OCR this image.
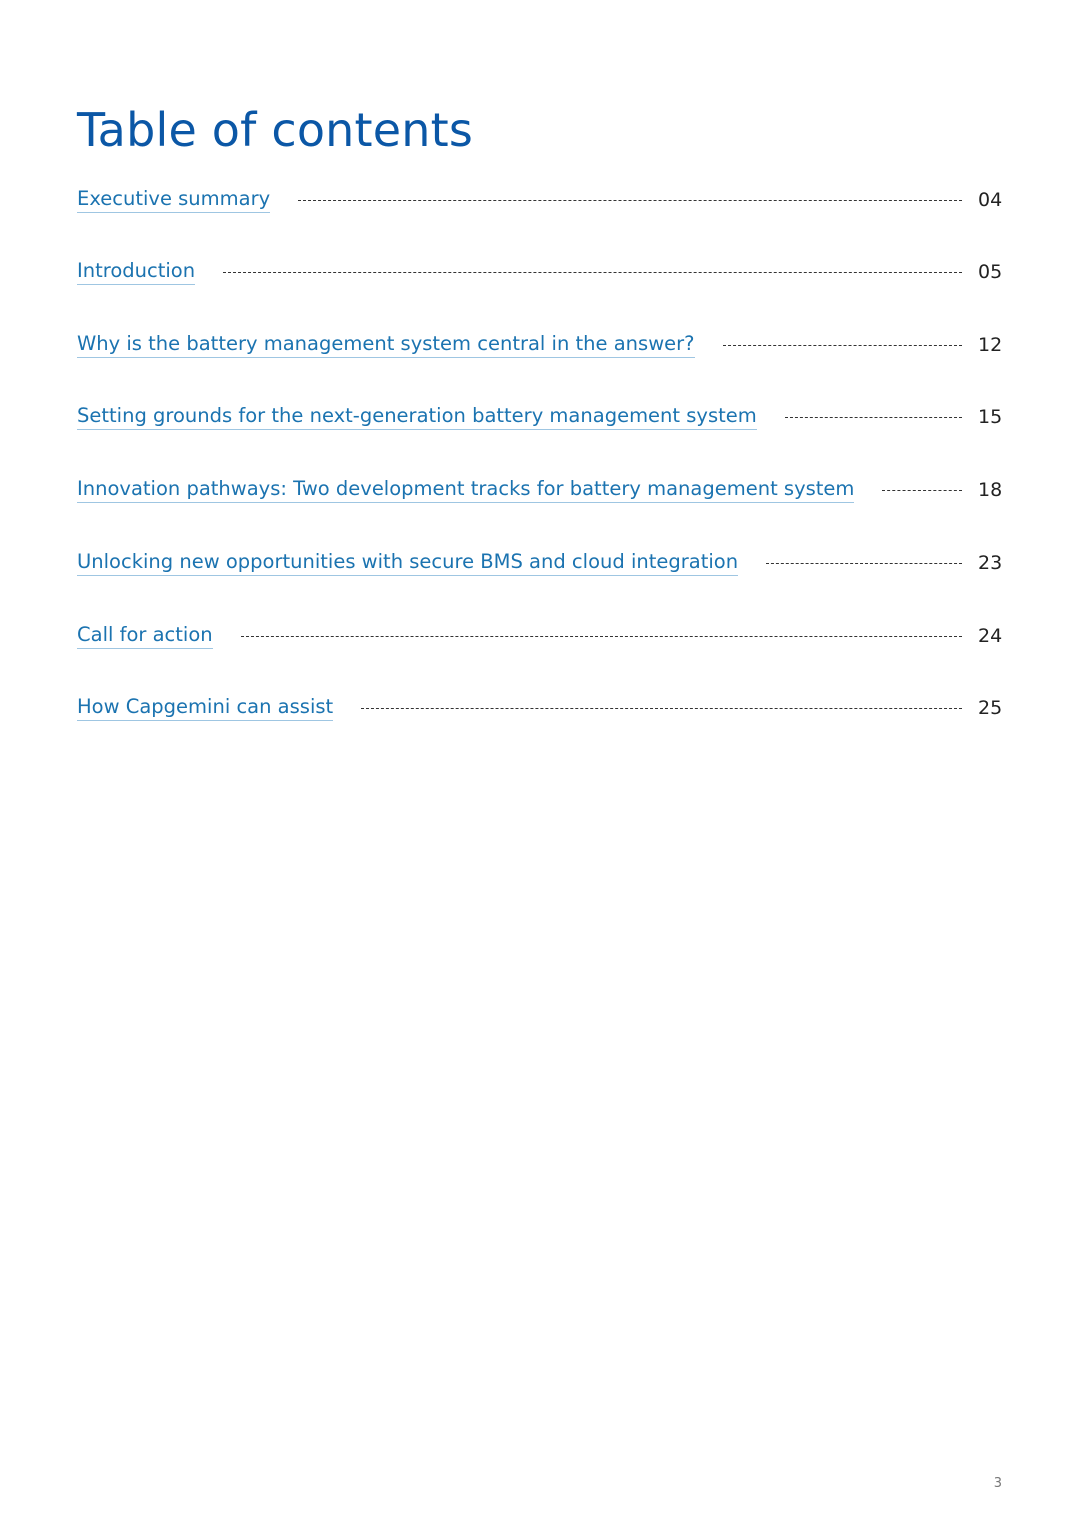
Table of contents
Executive summary	04
Introduction	05
Why is the battery management system central in the answer?	12
Setting grounds for the next-generation battery management system	15
Innovation pathways: Two development tracks for battery management system	18
Unlocking new opportunities with secure BMS and cloud integration	23
Call for action	24
How Capgemini can assist	25
3
